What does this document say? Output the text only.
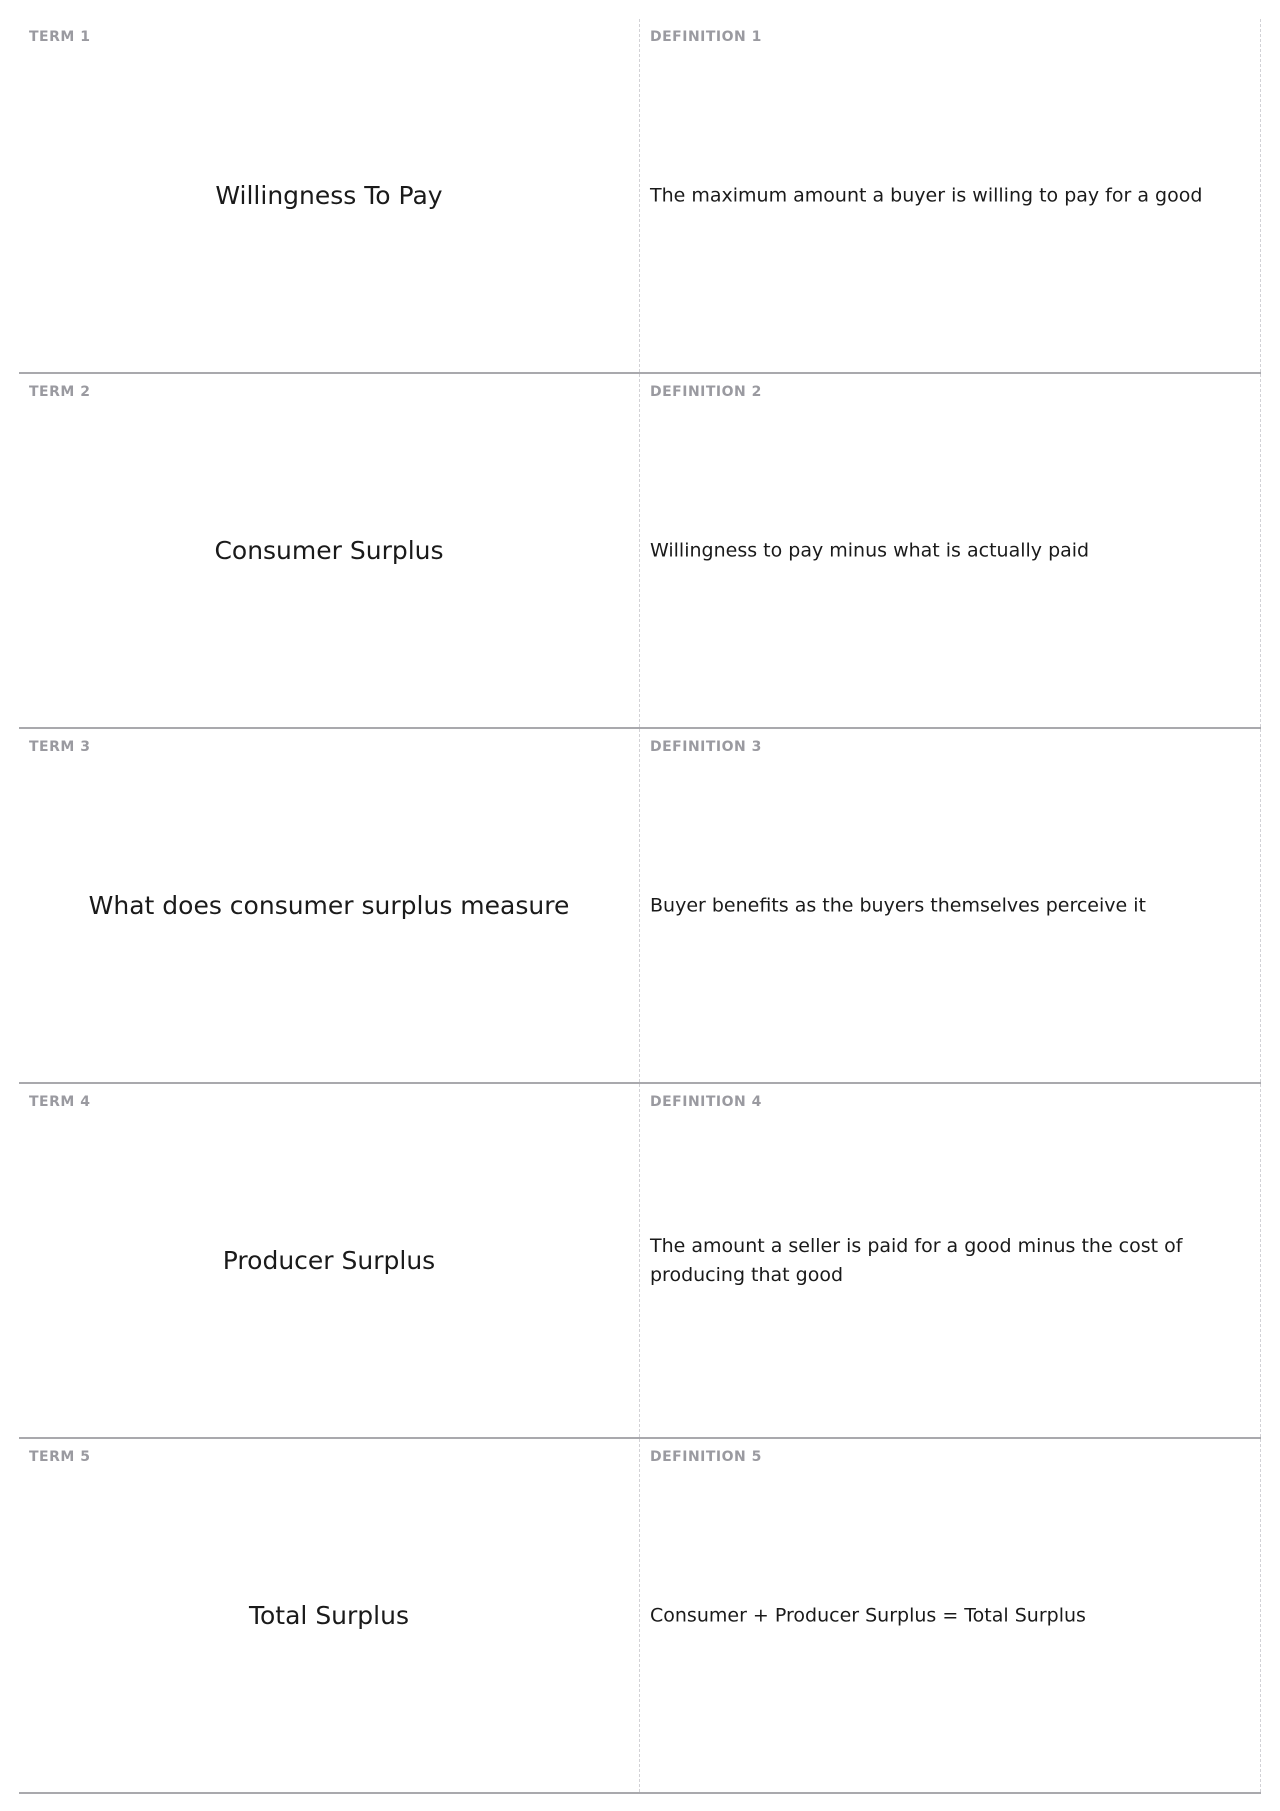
TERM 1
Willingness To Pay
DEFINITION 1
The maximum amount a buyer is willing to pay for a good
TERM 2
Consumer Surplus
DEFINITION 2
Willingness to pay minus what is actually paid
TERM 3
What does consumer surplus measure
DEFINITION 3
Buyer benefits as the buyers themselves perceive it
TERM 4
Producer Surplus
DEFINITION 4
The amount a seller is paid for a good minus the cost of producing that good
TERM 5
Total Surplus
DEFINITION 5
Consumer + Producer Surplus = Total Surplus
